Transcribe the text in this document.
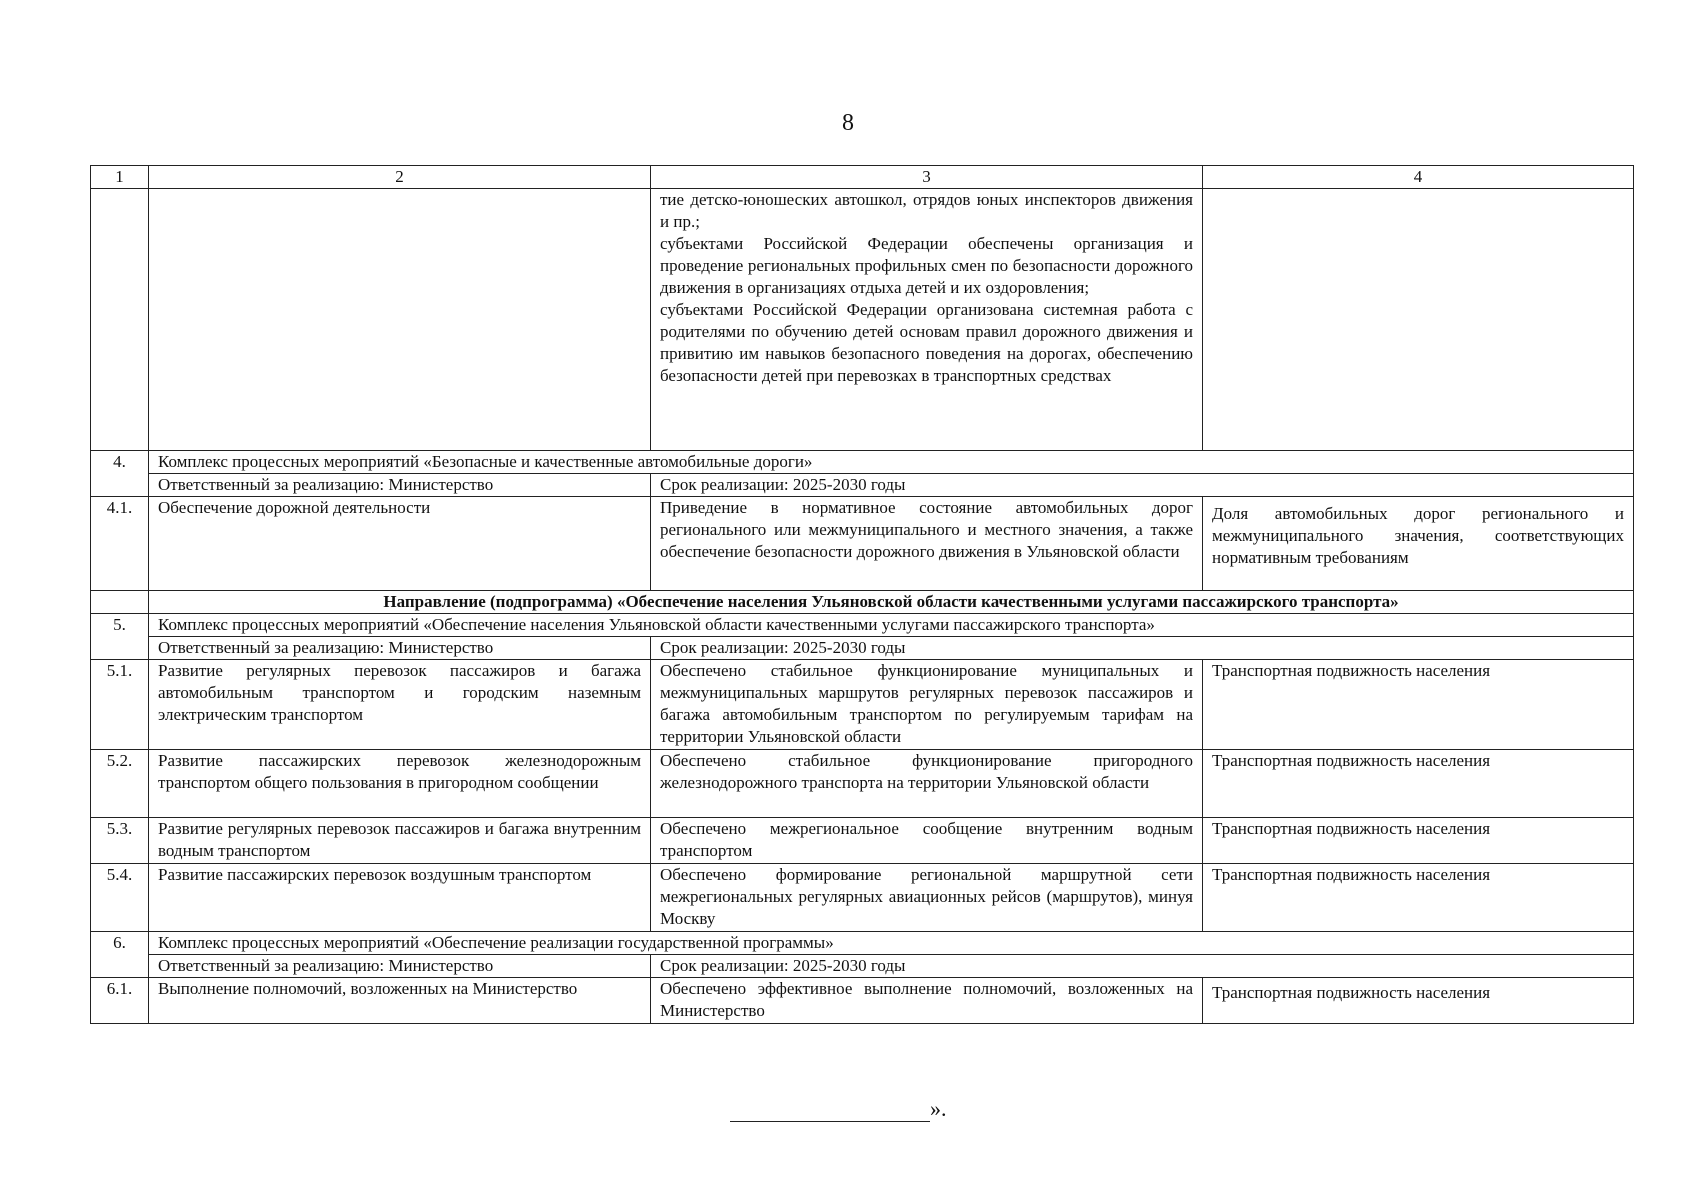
8
1	2	3	4
		тие детско-юношеских автошкол, отрядов юных инспекторов движения и пр.;
субъектами Российской Федерации обеспечены организация и проведение региональных профильных смен по безопасности дорожного движения в организациях отдыха детей и их оздоровления;
субъектами Российской Федерации организована системная работа с родителями по обучению детей основам правил дорожного движения и привитию им навыков безопасного поведения на дорогах, обеспечению безопасности детей при перевозках в транспортных средствах	
4.	Комплекс процессных мероприятий «Безопасные и качественные автомобильные дороги»		
	Ответственный за реализацию: Министерство	Срок реализации: 2025-2030 годы	
4.1.	Обеспечение дорожной деятельности	Приведение в нормативное состояние автомобильных дорог регионального или межмуниципального и местного значения, а также обеспечение безопасности дорожного движения в Ульяновской области	Доля автомобильных дорог регионального и межмуниципального значения, соответствующих нормативным требованиям
	Направление (подпрограмма) «Обеспечение населения Ульяновской области качественными услугами пассажирского транспорта»		
5.	Комплекс процессных мероприятий «Обеспечение населения Ульяновской области качественными услугами пассажирского транспорта»		
	Ответственный за реализацию: Министерство	Срок реализации: 2025-2030 годы	
5.1.	Развитие регулярных перевозок пассажиров и багажа автомобильным транспортом и городским наземным электрическим транспортом	Обеспечено стабильное функционирование муниципальных и межмуниципальных маршрутов регулярных перевозок пассажиров и багажа автомобильным транспортом по регулируемым тарифам на территории Ульяновской области	Транспортная подвижность населения
5.2.	Развитие пассажирских перевозок железнодорожным транспортом общего пользования в пригородном сообщении	Обеспечено стабильное функционирование пригородного железнодорожного транспорта на территории Ульяновской области	Транспортная подвижность населения
5.3.	Развитие регулярных перевозок пассажиров и багажа внутренним водным транспортом	Обеспечено межрегиональное сообщение внутренним водным транспортом	Транспортная подвижность населения
5.4.	Развитие пассажирских перевозок воздушным транспортом	Обеспечено формирование региональной маршрутной сети межрегиональных регулярных авиационных рейсов (маршрутов), минуя Москву	Транспортная подвижность населения
6.	Комплекс процессных мероприятий «Обеспечение реализации государственной программы»		
	Ответственный за реализацию: Министерство	Срок реализации: 2025-2030 годы	
6.1.	Выполнение полномочий, возложенных на Министерство	Обеспечено эффективное выполнение полномочий, возложенных на Министерство	Транспортная подвижность населения
».
